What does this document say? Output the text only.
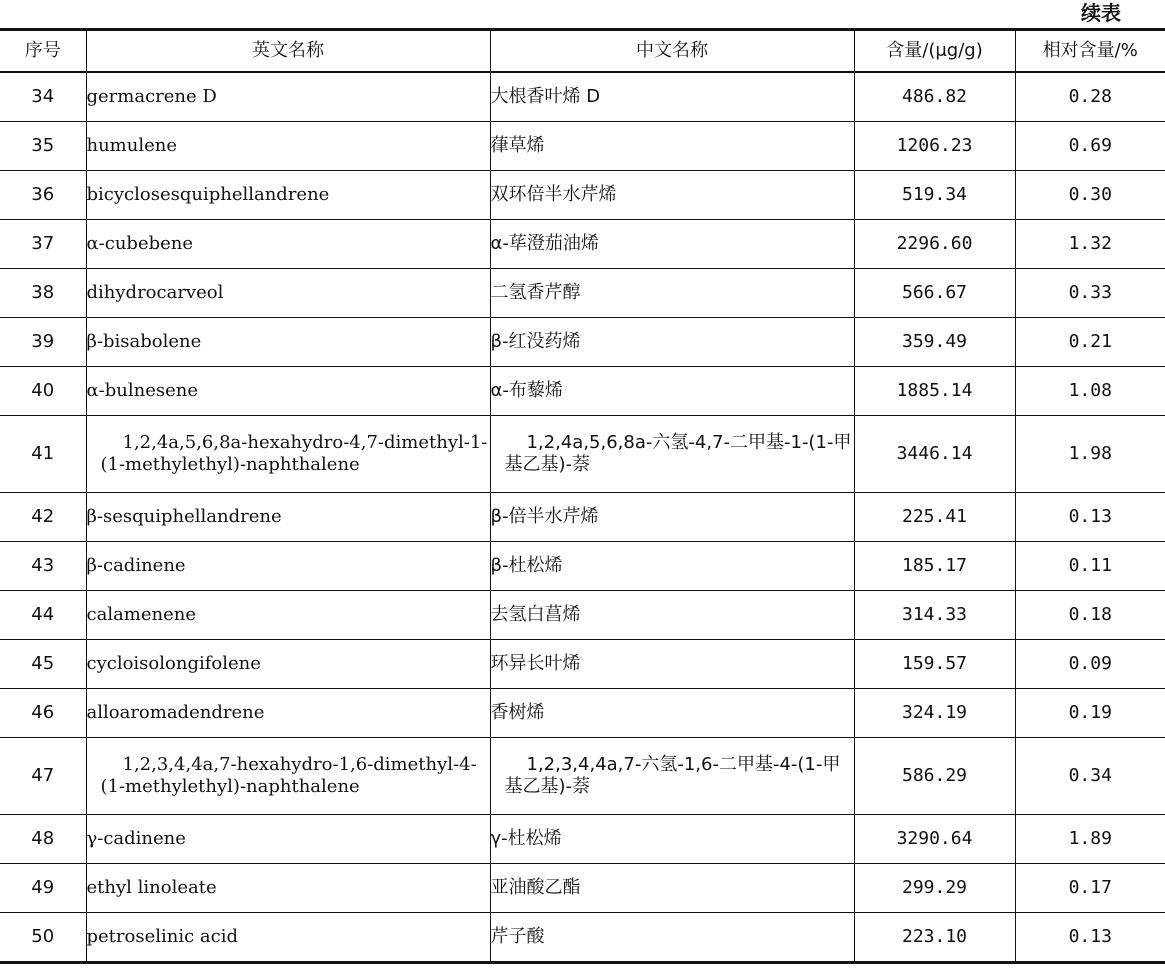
续表
序号	英文名称	中文名称	含量/(μg/g)	相对含量/%
34	germacrene D	大根香叶烯 D	486.82	0.28
35	humulene	葎草烯	1206.23	0.69
36	bicyclosesquiphellandrene	双环倍半水芹烯	519.34	0.30
37	α-cubebene	α-荜澄茄油烯	2296.60	1.32
38	dihydrocarveol	二氢香芹醇	566.67	0.33
39	β-bisabolene	β-红没药烯	359.49	0.21
40	α-bulnesene	α-布藜烯	1885.14	1.08
41	1,2,4a,5,6,8a-hexahydro-4,7-dimethyl-1-(1-methylethyl)-naphthalene	1,2,4a,5,6,8a-六氢-4,7-二甲基-1-(1-甲基乙基)-萘	3446.14	1.98
42	β-sesquiphellandrene	β-倍半水芹烯	225.41	0.13
43	β-cadinene	β-杜松烯	185.17	0.11
44	calamenene	去氢白菖烯	314.33	0.18
45	cycloisolongifolene	环异长叶烯	159.57	0.09
46	alloaromadendrene	香树烯	324.19	0.19
47	1,2,3,4,4a,7-hexahydro-1,6-dimethyl-4-(1-methylethyl)-naphthalene	1,2,3,4,4a,7-六氢-1,6-二甲基-4-(1-甲基乙基)-萘	586.29	0.34
48	γ-cadinene	γ-杜松烯	3290.64	1.89
49	ethyl linoleate	亚油酸乙酯	299.29	0.17
50	petroselinic acid	芹子酸	223.10	0.13
